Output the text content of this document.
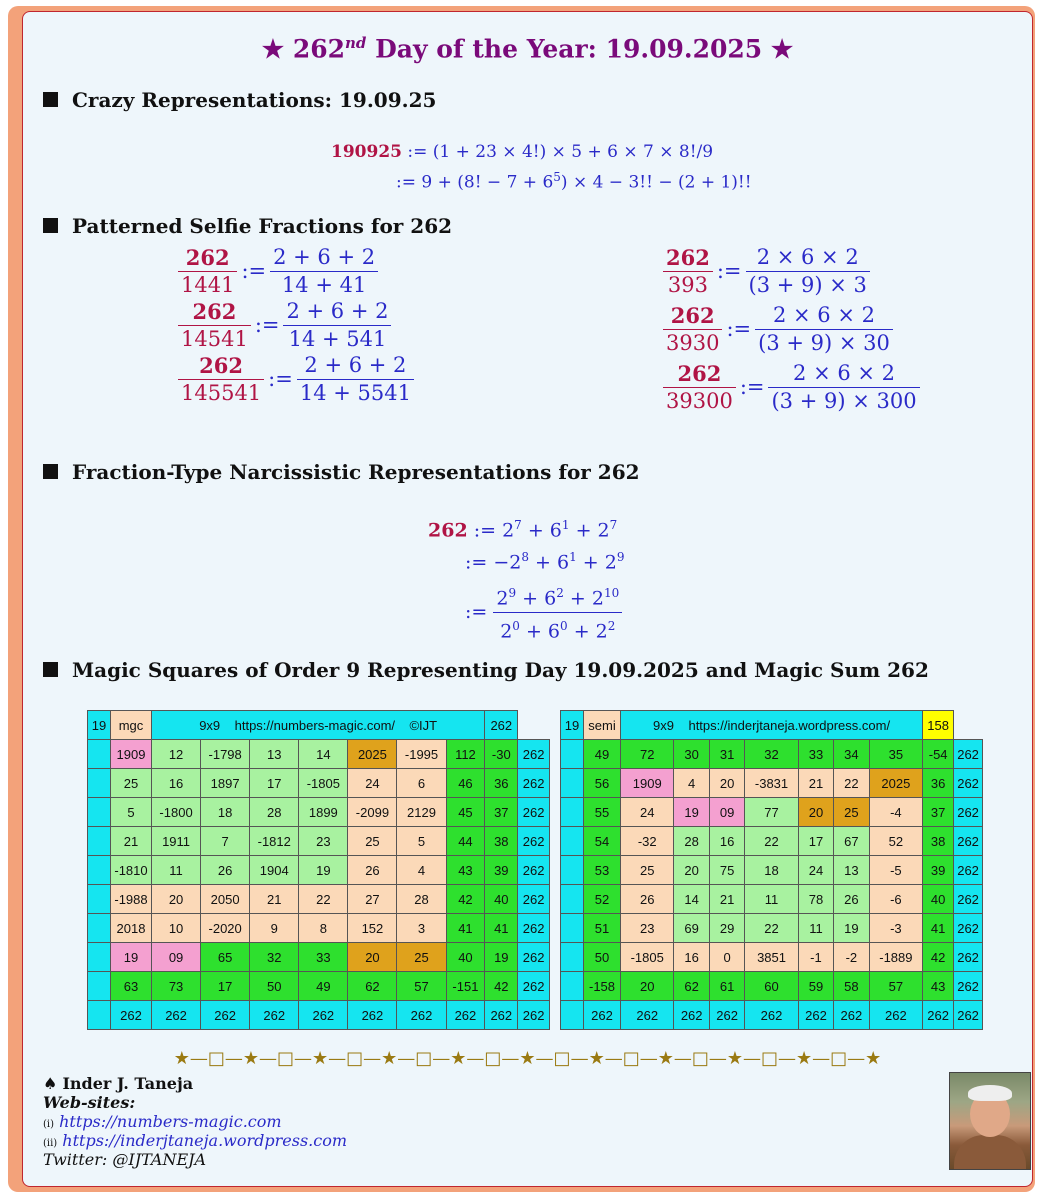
★ 262nd Day of the Year: 19.09.2025 ★
Crazy Representations: 19.09.25
190925 := (1 + 23 × 4!) × 5 + 6 × 7 × 8!/9
:= 9 + (8! − $7 + 6^5) \times 4 - 3$!! − (2 + 1)!!
Patterned Selfie Fractions for 262
$\frac{262}{1441}$ := $\frac{2 + 6 + 2}{14 + 41}$
$\frac{262}{14541}$ := $\frac{2 + 6 + 2}{14 + 541}$
$\frac{262}{145541}$ := $\frac{2 + 6 + 2}{14 + 5541}$
$\frac{262}{393}$ := $\frac{2 \times 6 \times 2}{(3 + 9) \times 3}$
$\frac{262}{3930}$ := $\frac{2 \times 6 \times 2}{(3 + 9) \times 30}$
$\frac{262}{39300}$ := $\frac{2 \times 6 \times 2}{(3 + 9) \times 300}$
Fraction-Type Narcissistic Representations for 262
262 := $2^7 + 6^1 + 2^7$
:= $-2^8 + 6^1 + 2^9$
:= $\frac{2^9 + 6^2 + 2^{10}}{2^0 + 6^0 + 2^2}$
Magic Squares of Order 9 Representing Day 19.09.2025 and Magic Sum 262
19	mgc	9x9 https://numbers-magic.com/ ©IJT							262	
	1909	12	-1798	13	14	2025	-1995	112	-30	262
	25	16	1897	17	-1805	24	6	46	36	262
	5	-1800	18	28	1899	-2099	2129	45	37	262
	21	1911	7	-1812	23	25	5	44	38	262
	-1810	11	26	1904	19	26	4	43	39	262
	-1988	20	2050	21	22	27	28	42	40	262
	2018	10	-2020	9	8	152	3	41	41	262
	19	09	65	32	33	20	25	40	19	262
	63	73	17	50	49	62	57	-151	42	262
	262	262	262	262	262	262	262	262	262	262
19	semi	9x9 https://inderjtaneja.wordpress.com/							158	
	49	72	30	31	32	33	34	35	-54	262
	56	1909	4	20	-3831	21	22	2025	36	262
	55	24	19	09	77	20	25	-4	37	262
	54	-32	28	16	22	17	67	52	38	262
	53	25	20	75	18	24	13	-5	39	262
	52	26	14	21	11	78	26	-6	40	262
	51	23	69	29	22	11	19	-3	41	262
	50	-1805	16	0	3851	-1	-2	-1889	42	262
	-158	20	62	61	60	59	58	57	43	262
	262	262	262	262	262	262	262	262	262	262
★—□—★—□—★—□—★—□—★—□—★—□—★—□—★—□—★—□—★—□—★
♠ Inder J. Taneja
Web-sites:
(i) https://numbers-magic.com
(ii) https://inderjtaneja.wordpress.com
Twitter: @IJTANEJA
